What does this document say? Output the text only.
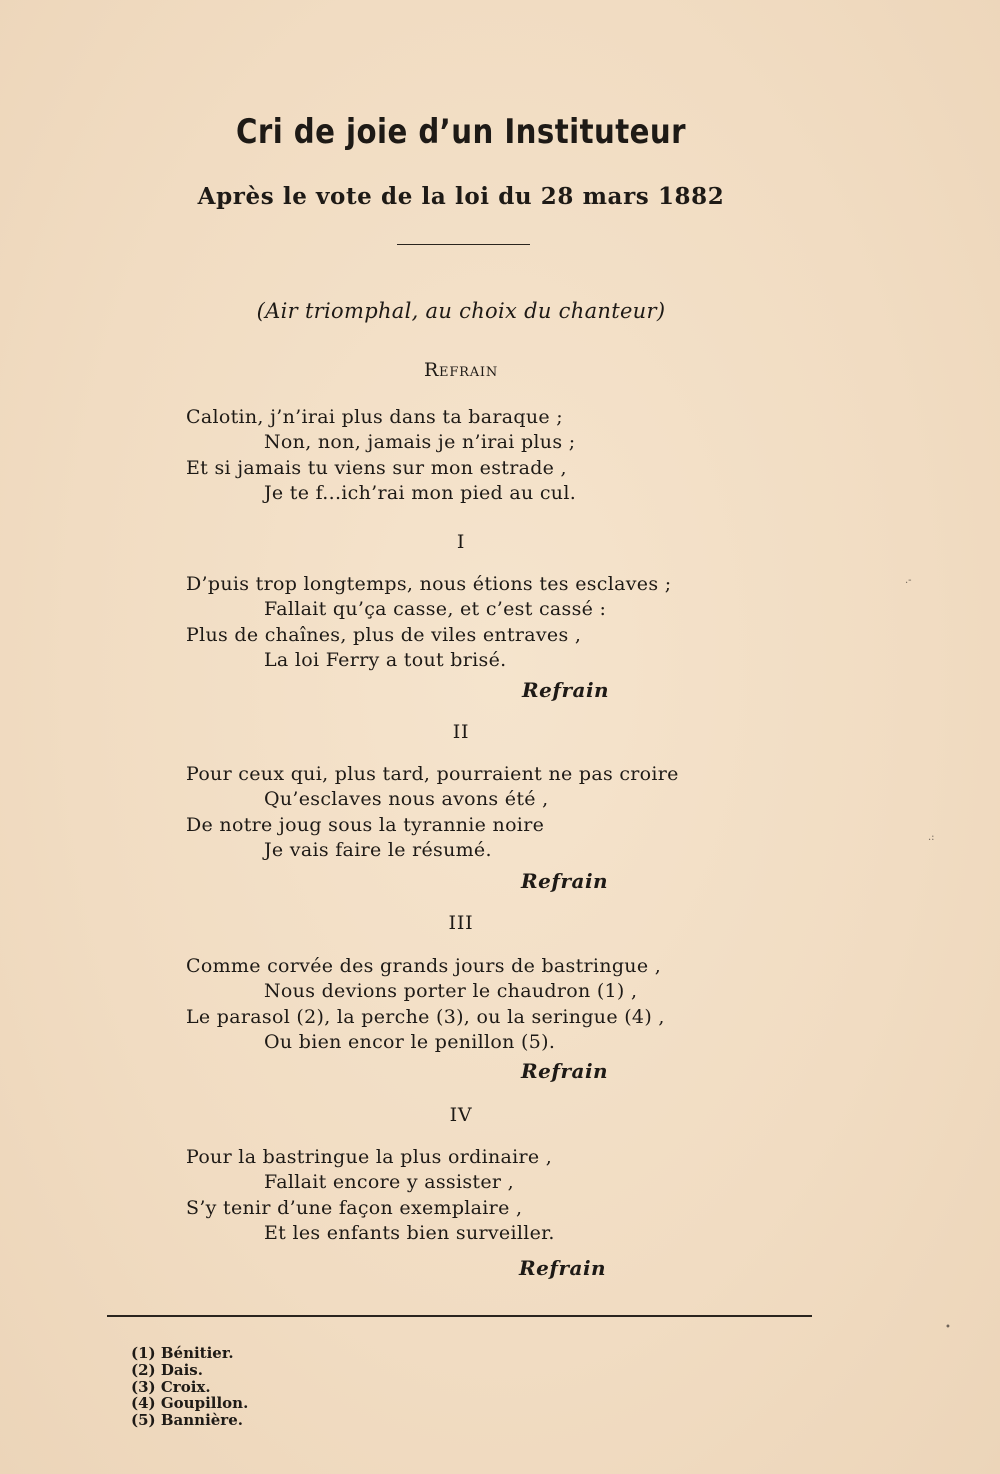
Cri de joie d’un Instituteur
Après le vote de la loi du 28 mars 1882
(Air triomphal, au choix du chanteur)
Refrain
Calotin, j’n’irai plus dans ta baraque ;
Non, non, jamais je n’irai plus ;
Et si jamais tu viens sur mon estrade ,
Je te f...ich’rai mon pied au cul.
I
D’puis trop longtemps, nous étions tes esclaves ;
Fallait qu’ça casse, et c’est cassé :
Plus de chaînes, plus de viles entraves ,
La loi Ferry a tout brisé.
Refrain
II
Pour ceux qui, plus tard, pourraient ne pas croire
Qu’esclaves nous avons été ,
De notre joug sous la tyrannie noire
Je vais faire le résumé.
Refrain
III
Comme corvée des grands jours de bastringue ,
Nous devions porter le chaudron (1) ,
Le parasol (2), la perche (3), ou la seringue (4) ,
Ou bien encor le penillon (5).
Refrain
IV
Pour la bastringue la plus ordinaire ,
Fallait encore y assister ,
S’y tenir d’une façon exemplaire ,
Et les enfants bien surveiller.
Refrain
(1) Bénitier.
(2) Dais.
(3) Croix.
(4) Goupillon.
(5) Bannière.
.-
.:
•
